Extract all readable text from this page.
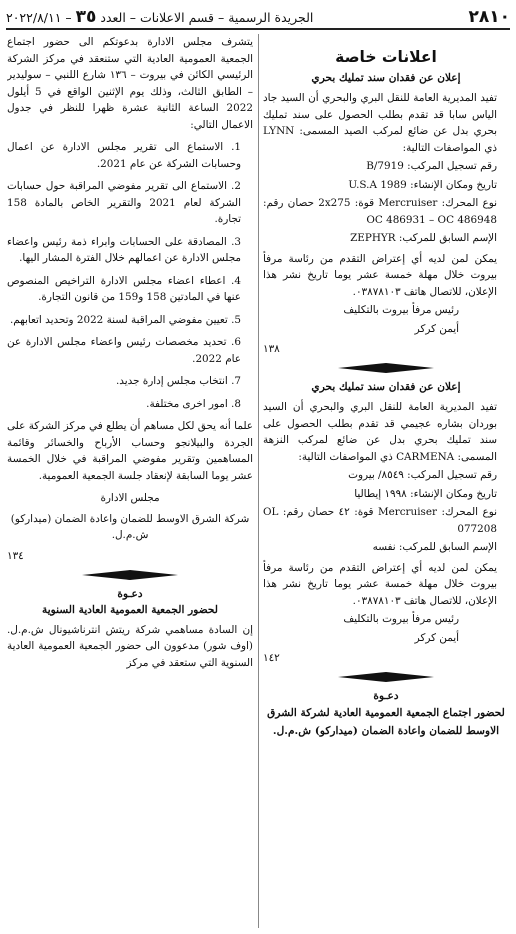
٢٨١٠
الجريدة الرسمية – قسم الاعلانات – العدد ٣٥ – ٢٠٢٢/٨/١١
اعلانات خاصة
إعلان عن فقدان سند تمليك بحري

تفيد المديرية العامة للنقل البري والبحري أن السيد جاد الياس سابا قد تقدم بطلب الحصول على سند تمليك بحري بدل عن ضائع لمركب الصيد المسمى: LYNN ذي المواصفات التالية:

رقم تسجيل المركب: B/7919

تاريخ ومكان الإنشاء: 1989 U.S.A

نوع المحرك: Mercruiser قوة: 2x275 حصان رقم: OC 486931 – OC 486948

الإسم السابق للمركب: ZEPHYR

يمكن لمن لديه أي إعتراض التقدم من رئاسة مرفأ بيروت خلال مهلة خمسة عشر يوما تاريخ نشر هذا الإعلان، للاتصال هاتف ٠٣٨٧٨١٠٣.

رئيس مرفأ بيروت بالتكليف

أيمن كركر

١٣٨

إعلان عن فقدان سند تمليك بحري

تفيد المديرية العامة للنقل البري والبحري أن السيد بوردان بشاره عجيمي قد تقدم بطلب الحصول على سند تمليك بحري بدل عن ضائع لمركب النزهة المسمى: CARMENA ذي المواصفات التالية:

رقم تسجيل المركب: ٨٥٤٩/ بيروت

تاريخ ومكان الإنشاء: ١٩٩٨ إيطاليا

نوع المحرك: Mercruiser قوة: ٤٢ حصان رقم: OL 077208

الإسم السابق للمركب: نفسه

يمكن لمن لديه أي إعتراض التقدم من رئاسة مرفأ بيروت خلال مهلة خمسة عشر يوما تاريخ نشر هذا الإعلان، للاتصال هاتف ٠٣٨٧٨١٠٣.

رئيس مرفأ بيروت بالتكليف

أيمن كركر

١٤٢

دعـوة
لحضور اجتماع الجمعية العمومية العادية لشركة الشرق الاوسط للضمان واعادة الضمان (ميداركو) ش.م.ل.

يتشرف مجلس الادارة بدعوتكم الى حضور اجتماع الجمعية العمومية العادية التي ستنعقد في مركز الشركة الرئيسي الكائن في بيروت – ١٣٦ شارع اللنبي – سوليدير – الطابق الثالث، وذلك يوم الإثنين الواقع في 5 أيلول 2022 الساعة الثانية عشرة ظهرا للنظر في جدول الاعمال التالي:

1. الاستماع الى تقرير مجلس الادارة عن اعمال وحسابات الشركة عن عام 2021.
2. الاستماع الى تقرير مفوضي المراقبة حول حسابات الشركة لعام 2021 والتقرير الخاص بالمادة 158 تجارة.
3. المصادقة على الحسابات وابراء ذمة رئيس واعضاء مجلس الادارة عن اعمالهم خلال الفترة المشار اليها.
4. اعطاء اعضاء مجلس الادارة التراخيص المنصوص عنها في المادتين 158 و159 من قانون التجارة.
5. تعيين مفوضي المراقبة لسنة 2022 وتحديد اتعابهم.
6. تحديد مخصصات رئيس واعضاء مجلس الادارة عن عام 2022.
7. انتخاب مجلس إدارة جديد.
8. امور اخرى مختلفة.

علما أنه يحق لكل مساهم أن يطلع في مركز الشركة على الجردة والبيلانجو وحساب الأرباح والخسائر وقائمة المساهمين وتقرير مفوضي المراقبة في خلال الخمسة عشر يوما السابقة لإنعقاد جلسة الجمعية العمومية.

مجلس الادارة

شركة الشرق الاوسط للضمان واعادة الضمان (ميداركو) ش.م.ل.

١٣٤

دعـوة
لحضور الجمعية العمومية العادية السنوية

إن السادة مساهمي شركة ريتش انترناشيونال ش.م.ل. (اوف شور) مدعوون الى حضور الجمعية العمومية العادية السنوية التي ستعقد في مركز
